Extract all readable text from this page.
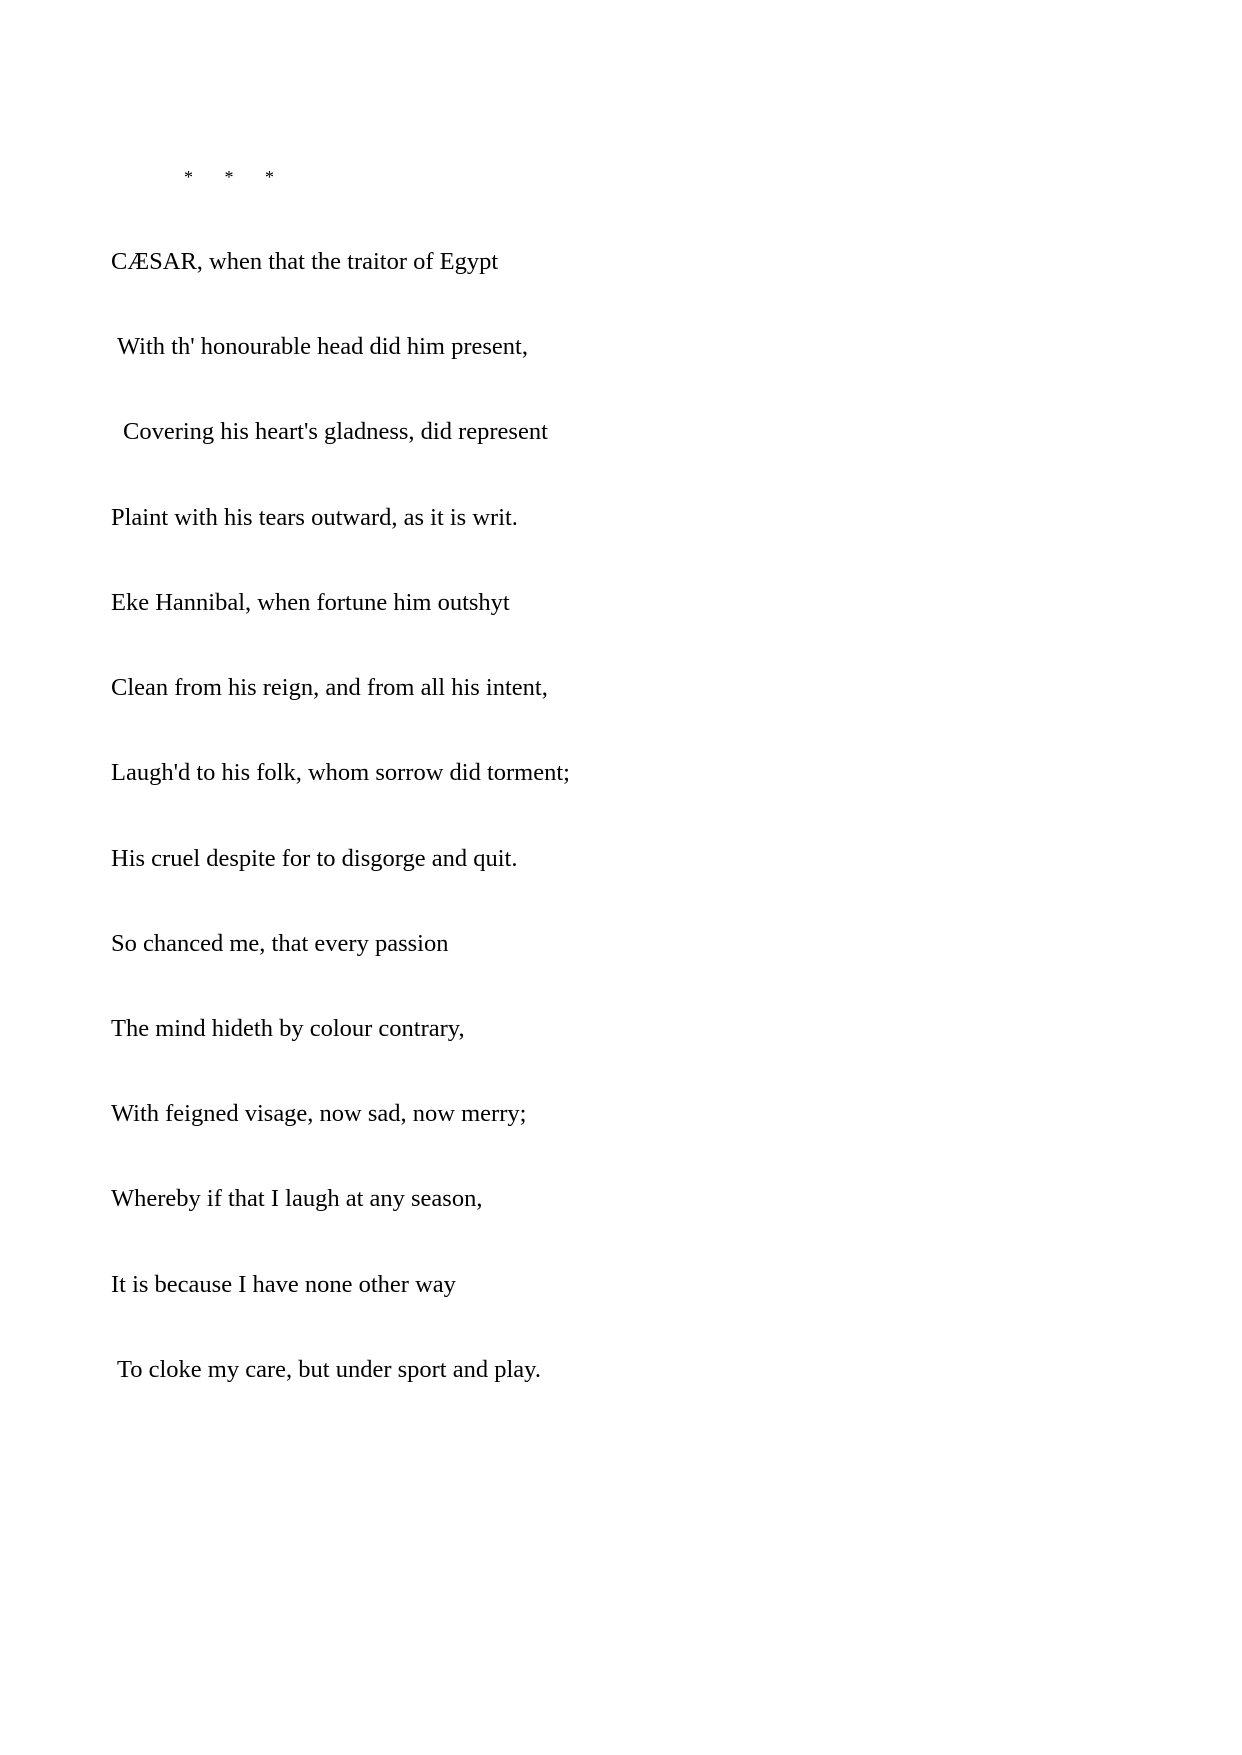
*   *   *

CÆSAR, when that the traitor of Egypt

With th' honourable head did him present,

Covering his heart's gladness, did represent

Plaint with his tears outward, as it is writ.

Eke Hannibal, when fortune him outshyt

Clean from his reign, and from all his intent,

Laugh'd to his folk, whom sorrow did torment;

His cruel despite for to disgorge and quit.

So chanced me, that every passion

The mind hideth by colour contrary,

With feigned visage, now sad, now merry;

Whereby if that I laugh at any season,

It is because I have none other way

To cloke my care, but under sport and play.
